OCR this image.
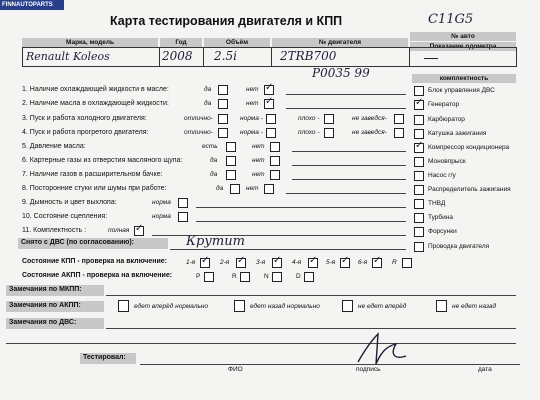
FINNAUTOPARTS
Карта тестирования двигателя и КПП	C11G5
Марка, модель	Год	Объём	№ двигателя
№ авто
Показание одометра
Renault Koleos	2008 2.5i	2TRB700
P0035 99	комплектность
1. Наличие охлаждающей жидкости в масле:	да	нет ✓
2. Наличие масла в охлаждающей жидкости:	да	нет ✓
3. Пуск и работа холодного двигателя:	отлично-	норма -	плохо -	не заведся-
4. Пуск и работа прогретого двигателя:	отлично-	норма -	плохо -	не заведся-
5. Давление масла:	есть	нет
6. Картерные газы из отверстия масляного щупа:	да	нет
7. Наличие газов в расширительном бачке:	да	нет
8. Посторонние стуки или шумы при работе:	да	нет
9. Дымность и цвет выхлопа:	норма
10. Состояние сцепления:	норма
11. Комплектность :	полная ✓
Блок управления ДВС
✓ Генератор
Карбюратор
Катушка зажигания
✓ Компрессор кондиционера
Моновпрыск
Насос г/у
Распределитель зажигания
ТНВД
Турбина
Форсунки
Проводка двигателя
Снято с ДВС (по согласованию):	Крутит
Состояние КПП - проверка на включение:	1-я ✓ 2-я ✓ 3-я ✓ 4-я ✓ 5-я ✓ 6-я ✓ R
Состояние АКПП - проверка на включение:	P	R	N	D
Замечания по МКПП:
Замечания по АКПП:	едет вперёд нормально	едет назад нормально	не едет вперёд	не едет назад
Замечания по ДВС:
Тестировал:
ФИО	подпись	дата
